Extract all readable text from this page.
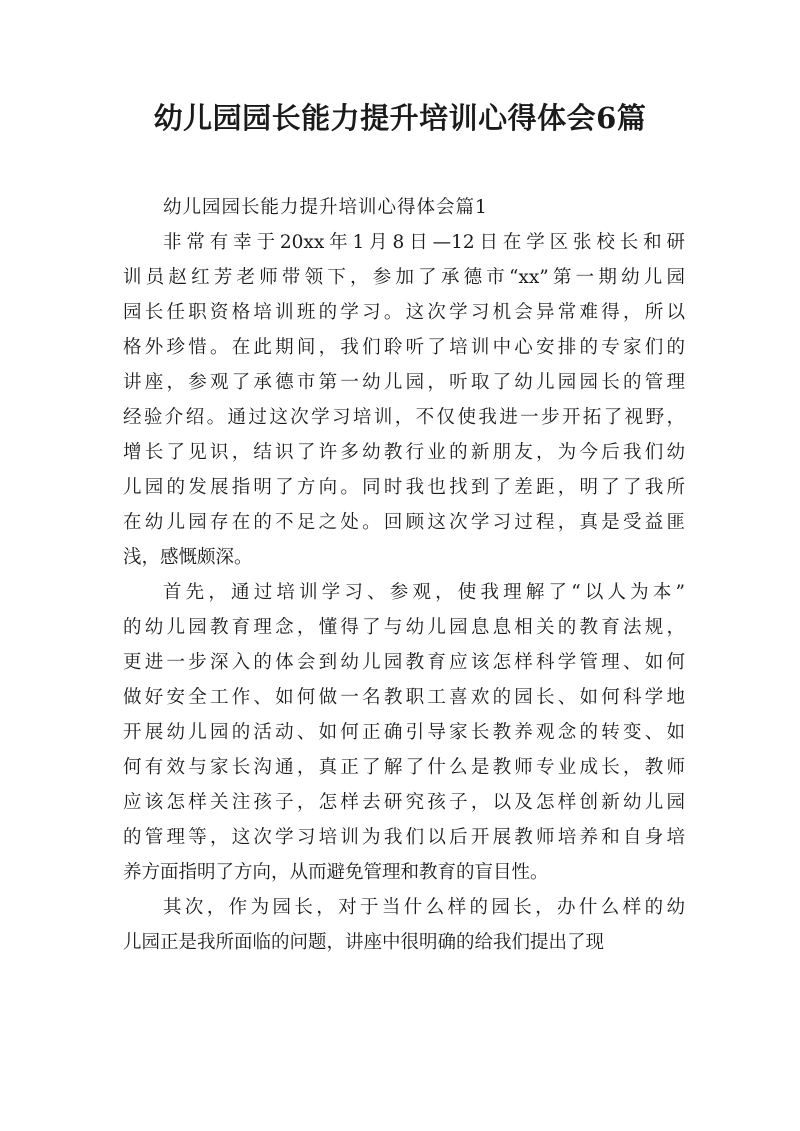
幼儿园园长能力提升培训心得体会6篇
幼儿园园长能力提升培训心得体会篇1

非常有幸于20xx年1月8日—12日在学区张校长和研
训员赵红芳老师带领下，参加了承德市“xx”第一期幼儿园
园长任职资格培训班的学习。这次学习机会异常难得，所以
格外珍惜。在此期间，我们聆听了培训中心安排的专家们的
讲座，参观了承德市第一幼儿园，听取了幼儿园园长的管理
经验介绍。通过这次学习培训，不仅使我进一步开拓了视野，
增长了见识，结识了许多幼教行业的新朋友，为今后我们幼
儿园的发展指明了方向。同时我也找到了差距，明了了我所
在幼儿园存在的不足之处。回顾这次学习过程，真是受益匪
浅，感慨颇深。

首先，通过培训学习、参观，使我理解了“以人为本”
的幼儿园教育理念，懂得了与幼儿园息息相关的教育法规，
更进一步深入的体会到幼儿园教育应该怎样科学管理、如何
做好安全工作、如何做一名教职工喜欢的园长、如何科学地
开展幼儿园的活动、如何正确引导家长教养观念的转变、如
何有效与家长沟通，真正了解了什么是教师专业成长，教师
应该怎样关注孩子，怎样去研究孩子，以及怎样创新幼儿园
的管理等，这次学习培训为我们以后开展教师培养和自身培
养方面指明了方向，从而避免管理和教育的盲目性。

其次，作为园长，对于当什么样的园长，办什么样的幼
儿园正是我所面临的问题，讲座中很明确的给我们提出了现
